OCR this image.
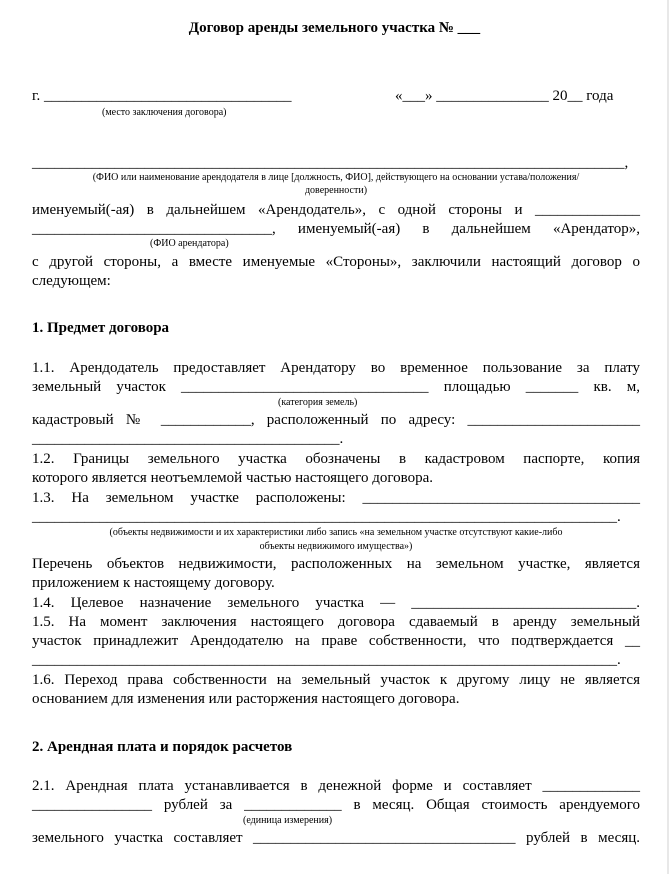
Договор аренды земельного участка № ___
г. _________________________________	«___» _______________ 20__ года
(место заключения договора)
_______________________________________________________________________________,
(ФИО или наименование арендодателя в лице [должность, ФИО], действующего на основании устава/положения/
доверенности)
именуемый(-ая) в дальнейшем «Арендодатель», с одной стороны и ______________
________________________________, именуемый(-ая) в дальнейшем «Арендатор»,
(ФИО арендатора)
с другой стороны, а вместе именуемые «Стороны», заключили настоящий договор о
следующем:
1. Предмет договора
1.1. Арендодатель предоставляет Арендатору во временное пользование за плату
земельный участок _________________________________ площадью _______ кв. м,
(категория земель)
кадастровый № ____________, расположенный по адресу: _______________________
_________________________________________.
1.2. Границы земельного участка обозначены в кадастровом паспорте, копия
которого является неотъемлемой частью настоящего договора.
1.3. На земельном участке расположены: _____________________________________
______________________________________________________________________________.
(объекты недвижимости и их характеристики либо запись «на земельном участке отсутствуют какие-либо
объекты недвижимого имущества»)
Перечень объектов недвижимости, расположенных на земельном участке, является
приложением к настоящему договору.
1.4. Целевое назначение земельного участка — ______________________________.
1.5. На момент заключения настоящего договора сдаваемый в аренду земельный
участок принадлежит Арендодателю на праве собственности, что подтверждается __
______________________________________________________________________________.
1.6. Переход права собственности на земельный участок к другому лицу не является
основанием для изменения или расторжения настоящего договора.
2. Арендная плата и порядок расчетов
2.1. Арендная плата устанавливается в денежной форме и составляет _____________
________________ рублей за _____________ в месяц. Общая стоимость арендуемого
(единица измерения)
земельного участка составляет ___________________________________ рублей в месяц.
